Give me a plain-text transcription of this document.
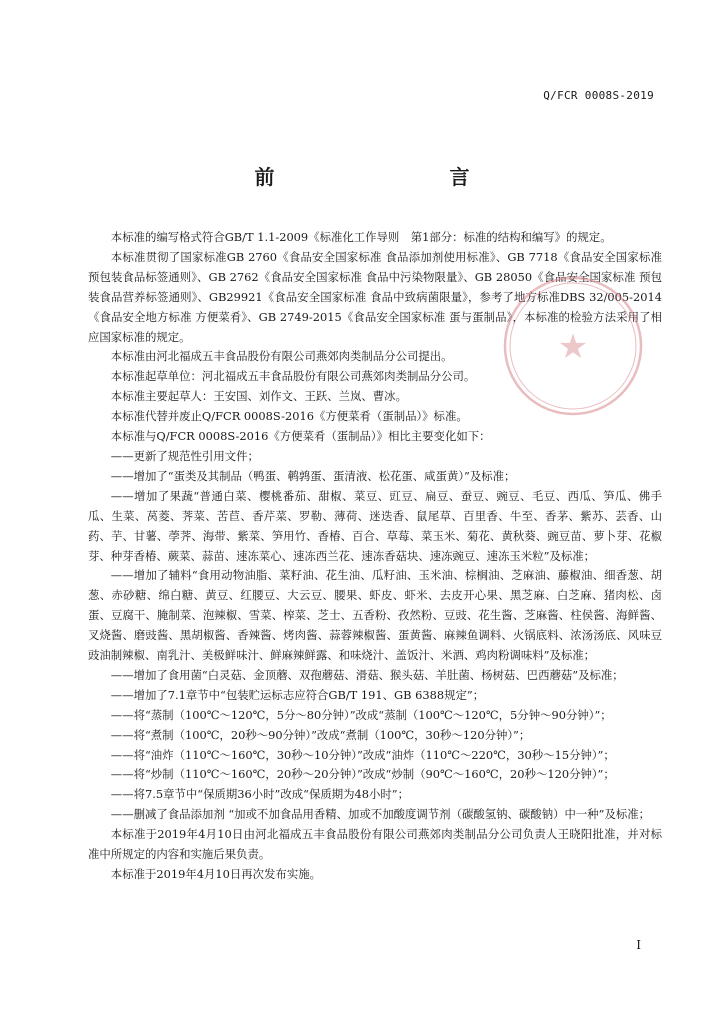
Q/FCR 0008S-2019
前 言

本标准的编写格式符合GB/T 1.1-2009《标准化工作导则　第1部分：标准的结构和编写》的规定。

本标准贯彻了国家标准GB 2760《食品安全国家标准 食品添加剂使用标准》、GB 7718《食品安全国家标准 预包装食品标签通则》、GB 2762《食品安全国家标准 食品中污染物限量》、GB 28050《食品安全国家标准 预包装食品营养标签通则》、GB29921《食品安全国家标准 食品中致病菌限量》，参考了地方标准DBS 32/005-2014《食品安全地方标准 方便菜肴》、GB 2749-2015《食品安全国家标准 蛋与蛋制品》，本标准的检验方法采用了相应国家标准的规定。

本标准由河北福成五丰食品股份有限公司燕郊肉类制品分公司提出。

本标准起草单位：河北福成五丰食品股份有限公司燕郊肉类制品分公司。

本标准主要起草人：王安国、刘作文、王跃、兰岚、曹冰。

本标准代替并废止Q/FCR 0008S-2016《方便菜肴（蛋制品）》标准。

本标准与Q/FCR 0008S-2016《方便菜肴（蛋制品）》相比主要变化如下：

——更新了规范性引用文件；

——增加了“蛋类及其制品（鸭蛋、鹌鹑蛋、蛋清液、松花蛋、咸蛋黄）”及标准；

——增加了果蔬“普通白菜、樱桃番茄、甜椒、菜豆、豇豆、扁豆、蚕豆、豌豆、毛豆、西瓜、笋瓜、佛手瓜、生菜、莴菱、荠菜、苦苣、香芹菜、罗勒、薄荷、迷迭香、鼠尾草、百里香、牛至、香茅、紫苏、芸香、山药、芋、甘薯、荸荠、海带、紫菜、笋用竹、香椿、百合、草莓、菜玉米、菊花、黄秋葵、豌豆苗、萝卜芽、花椒芽、种芽香椿、蕨菜、蒜苗、速冻菜心、速冻西兰花、速冻香菇块、速冻豌豆、速冻玉米粒”及标准；

——增加了辅料“食用动物油脂、菜籽油、花生油、瓜籽油、玉米油、棕榈油、芝麻油、藤椒油、细香葱、胡葱、赤砂糖、绵白糖、黄豆、红腰豆、大云豆、腰果、虾皮、虾米、去皮开心果、黑芝麻、白芝麻、猪肉松、卤蛋、豆腐干、腌制菜、泡辣椒、雪菜、榨菜、芝士、五香粉、孜然粉、豆豉、花生酱、芝麻酱、柱侯酱、海鲜酱、叉烧酱、磨豉酱、黑胡椒酱、香辣酱、烤肉酱、蒜蓉辣椒酱、蛋黄酱、麻辣鱼调料、火锅底料、浓汤汤底、风味豆豉油制辣椒、南乳汁、美极鲜味汁、鲜麻辣鲜露、和味烧汁、盖饭汁、米酒、鸡肉粉调味料”及标准；

——增加了食用菌“白灵菇、金顶蘑、双孢蘑菇、滑菇、猴头菇、羊肚菌、杨树菇、巴西蘑菇”及标准；

——增加了7.1章节中“包装贮运标志应符合GB/T 191、GB 6388规定”；

——将“蒸制（100℃～120℃，5分～80分钟）”改成“蒸制（100℃～120℃，5分钟～90分钟）”；

——将“煮制（100℃，20秒～90分钟）”改成“煮制（100℃，30秒～120分钟）”；

——将“油炸（110℃～160℃，30秒～10分钟）”改成“油炸（110℃～220℃，30秒～15分钟）”；

——将“炒制（110℃～160℃，20秒～20分钟）”改成“炒制（90℃～160℃，20秒～120分钟）”；

——将7.5章节中“保质期36小时”改成“保质期为48小时”；

——删减了食品添加剂 “加或不加食品用香精、加或不加酸度调节剂（碳酸氢钠、碳酸钠）中一种”及标准；

本标准于2019年4月10日由河北福成五丰食品股份有限公司燕郊肉类制品分公司负责人王晓阳批准，并对标准中所规定的内容和实施后果负责。

本标准于2019年4月10日再次发布实施。

★
I
